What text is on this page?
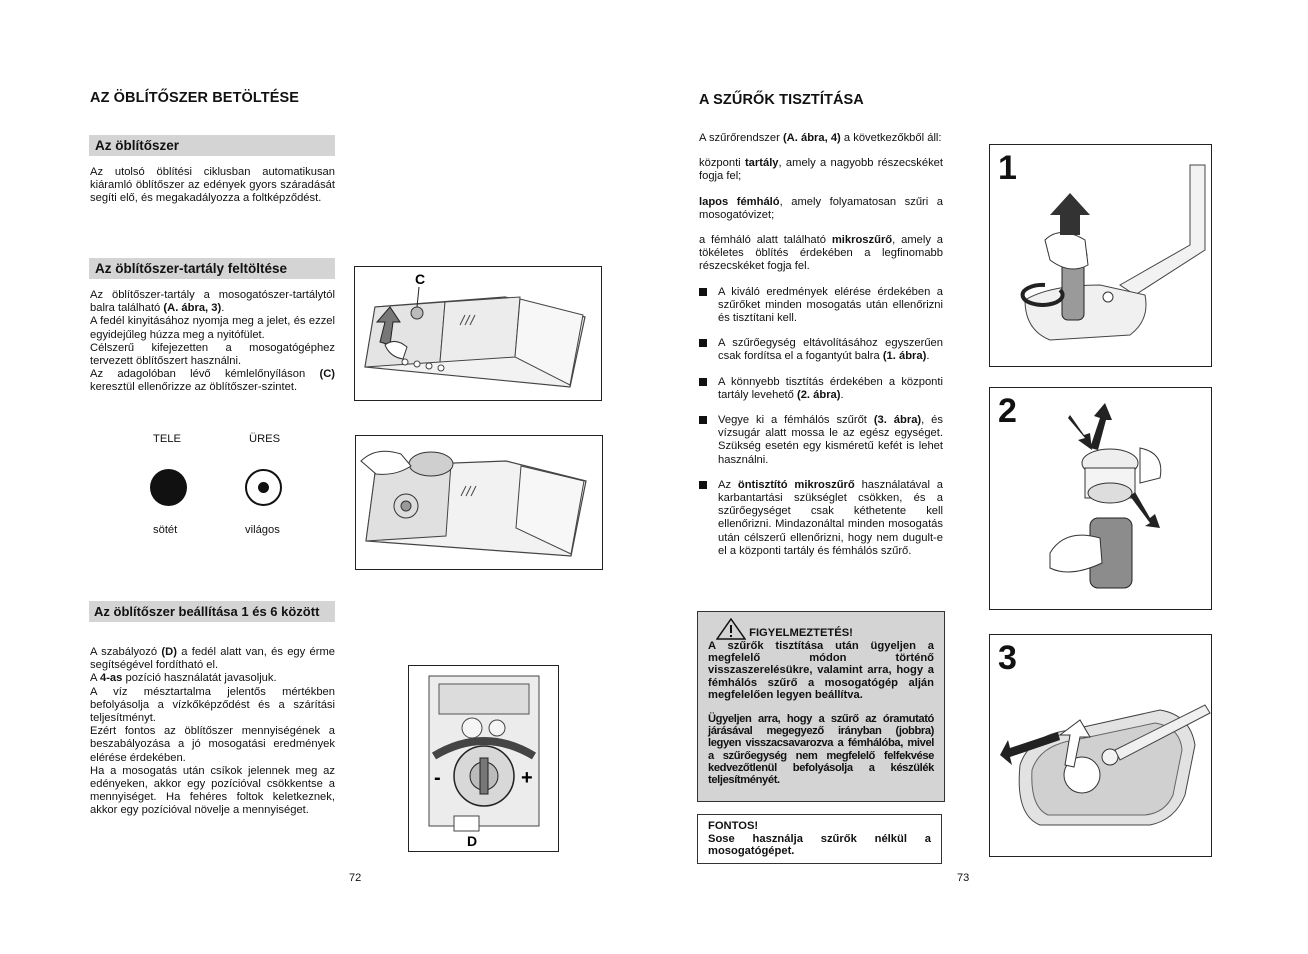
AZ ÖBLÍTŐSZER BETÖLTÉSE
Az öblítőszer

Az utolsó öblítési ciklusban automatikusan kiáramló öblítőszer az edények gyors száradását segíti elő, és megakadályozza a foltképződést.

Az öblítőszer-tartály feltöltése

Az öblítőszer-tartály a mosogatószer-tartálytól balra található (A. ábra, 3).

A fedél kinyitásához nyomja meg a jelet, és ezzel egyidejűleg húzza meg a nyitófület.

Célszerű kifejezetten a mosogatógéphez tervezett öblítőszert használni.

Az adagolóban lévő kémlelőnyíláson (C) keresztül ellenőrizze az öblítőszer-szintet.

C
TELE	ÜRES
sötét	világos
Az öblítőszer beállítása 1 és 6 között

A szabályozó (D) a fedél alatt van, és egy érme segítségével fordítható el.

A 4-as pozíció használatát javasoljuk.

A víz mésztartalma jelentős mértékben befolyásolja a vízkőképződést és a szárítási teljesítményt.

Ezért fontos az öblítőszer mennyiségének a beszabályozása a jó mosogatási eredmények elérése érdekében.

Ha a mosogatás után csíkok jelennek meg az edényeken, akkor egy pozícióval csökkentse a mennyiséget. Ha fehéres foltok keletkeznek, akkor egy pozícióval növelje a mennyiséget.

-	+
D
72
A SZŰRŐK TISZTÍTÁSA

A szűrőrendszer (A. ábra, 4) a következőkből áll:

központi tartály, amely a nagyobb részecskéket fogja fel;

lapos fémháló, amely folyamatosan szűri a mosogatóvizet;

a fémháló alatt található mikroszűrő, amely a tökéletes öblítés érdekében a legfinomabb részecskéket fogja fel.

A kiváló eredmények elérése érdekében a szűrőket minden mosogatás után ellenőrizni és tisztítani kell.
A szűrőegység eltávolításához egyszerűen csak fordítsa el a fogantyút balra (1. ábra).
A könnyebb tisztítás érdekében a központi tartály levehető (2. ábra).
Vegye ki a fémhálós szűrőt (3. ábra), és vízsugár alatt mossa le az egész egységet. Szükség esetén egy kisméretű kefét is lehet használni.
Az öntisztító mikroszűrő használatával a karbantartási szükséglet csökken, és a szűrőegységet csak kéthetente kell ellenőrizni. Mindazonáltal minden mosogatás után célszerű ellenőrizni, hogy nem dugult-e el a központi tartály és fémhálós szűrő.
FIGYELMEZTETÉS!
A szűrők tisztítása után ügyeljen a megfelelő módon történő visszaszerelésükre, valamint arra, hogy a fémhálós szűrő a mosogatógép alján megfelelően legyen beállítva.
Ügyeljen arra, hogy a szűrő az óramutató járásával megegyező irányban (jobbra) legyen visszacsavarozva a fémhálóba, mivel a szűrőegység nem megfelelő felfekvése kedvezőtlenül befolyásolja a készülék teljesítményét.
FONTOS!
Sose használja szűrők nélkül a mosogatógépet.
1
2
3
73
